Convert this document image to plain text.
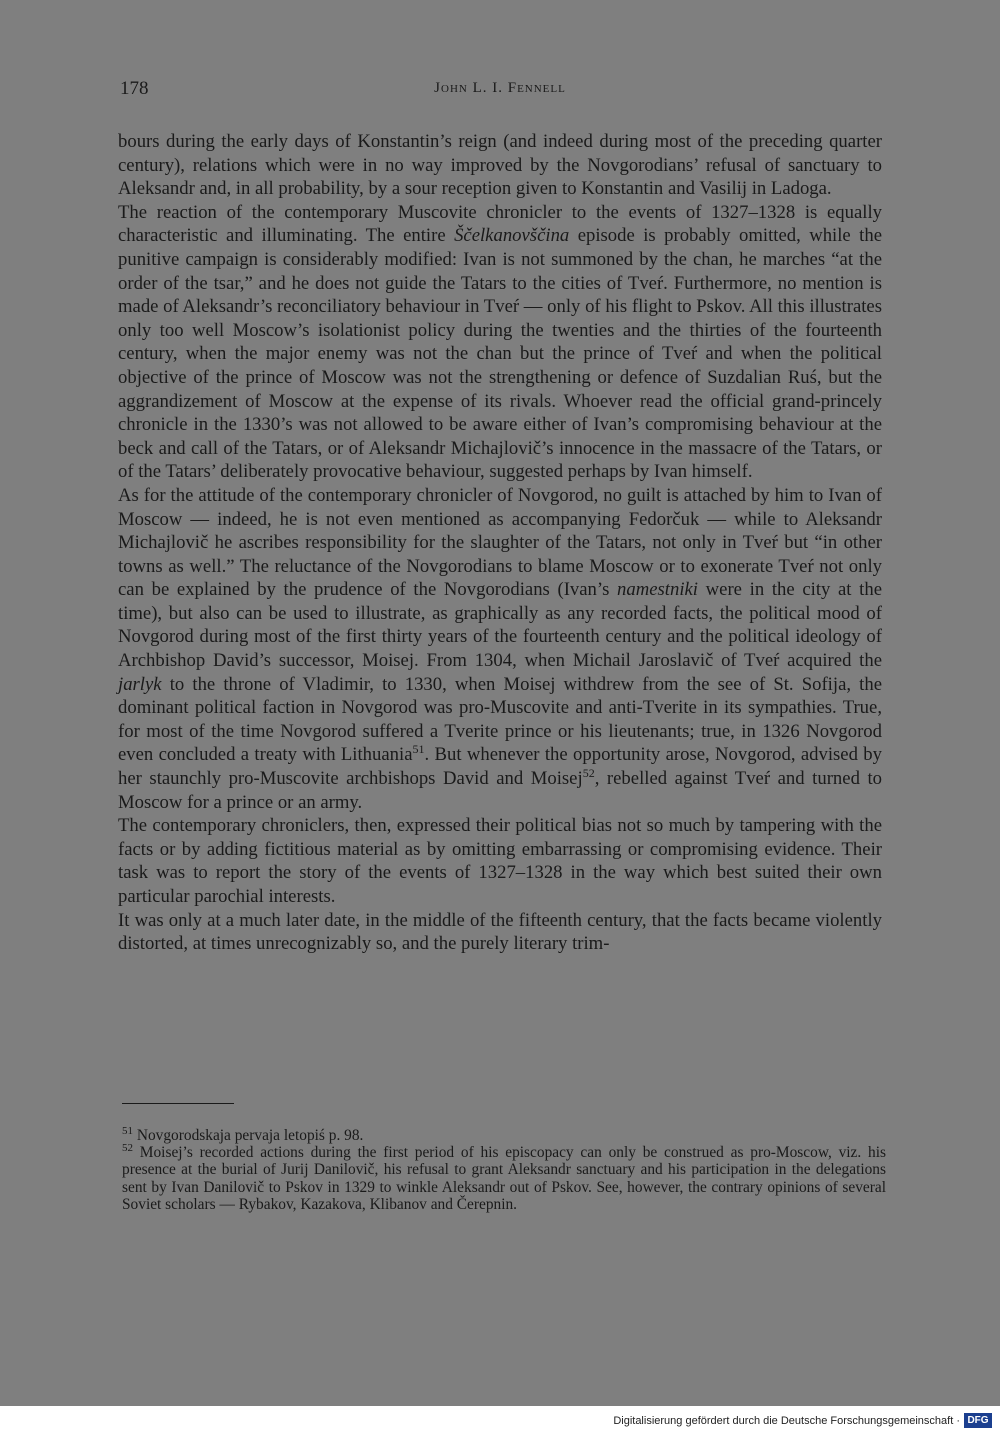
178	John L. I. Fennell

bours during the early days of Konstantin’s reign (and indeed during most of the preceding quarter century), relations which were in no way improved by the Novgorodians’ refusal of sanctuary to Aleksandr and, in all probability, by a sour reception given to Konstantin and Vasilij in Ladoga.

The reaction of the contemporary Muscovite chronicler to the events of 1327–1328 is equally characteristic and illuminating. The entire Ščelkanovščina episode is probably omitted, while the punitive campaign is considerably modified: Ivan is not summoned by the chan, he marches “at the order of the tsar,” and he does not guide the Tatars to the cities of Tveŕ. Furthermore, no mention is made of Aleksandr’s reconciliatory behaviour in Tveŕ — only of his flight to Pskov. All this illustrates only too well Moscow’s isolationist policy during the twenties and the thirties of the fourteenth century, when the major enemy was not the chan but the prince of Tveŕ and when the political objective of the prince of Moscow was not the strengthening or defence of Suzdalian Ruś, but the aggrandizement of Moscow at the expense of its rivals. Whoever read the official grand-princely chronicle in the 1330’s was not allowed to be aware either of Ivan’s compromising behaviour at the beck and call of the Tatars, or of Aleksandr Michajlovič’s innocence in the massacre of the Tatars, or of the Tatars’ deliberately provocative behaviour, suggested perhaps by Ivan himself.

As for the attitude of the contemporary chronicler of Novgorod, no guilt is attached by him to Ivan of Moscow — indeed, he is not even mentioned as accompanying Fedorčuk — while to Aleksandr Michajlovič he ascribes responsibility for the slaughter of the Tatars, not only in Tveŕ but “in other towns as well.” The reluctance of the Novgorodians to blame Moscow or to exonerate Tveŕ not only can be explained by the prudence of the Novgorodians (Ivan’s namestniki were in the city at the time), but also can be used to illustrate, as graphically as any recorded facts, the political mood of Novgorod during most of the first thirty years of the fourteenth century and the political ideology of Archbishop David’s successor, Moisej. From 1304, when Michail Jaroslavič of Tveŕ acquired the jarlyk to the throne of Vladimir, to 1330, when Moisej withdrew from the see of St. Sofija, the dominant political faction in Novgorod was pro-Muscovite and anti-Tverite in its sympathies. True, for most of the time Novgorod suffered a Tverite prince or his lieutenants; true, in 1326 Novgorod even concluded a treaty with Lithuania$^{51}$. But whenever the opportunity arose, Novgorod, advised by her staunchly pro-Muscovite archbishops David and Moisej$^{52}$, rebelled against Tveŕ and turned to Moscow for a prince or an army.

The contemporary chroniclers, then, expressed their political bias not so much by tampering with the facts or by adding fictitious material as by omitting embarrassing or compromising evidence. Their task was to report the story of the events of 1327–1328 in the way which best suited their own particular parochial interests.

It was only at a much later date, in the middle of the fifteenth century, that the facts became violently distorted, at times unrecognizably so, and the purely literary trim-

$^{51}$ Novgorodskaja pervaja letopiś p. 98.

$^{52}$ Moisej’s recorded actions during the first period of his episcopacy can only be construed as pro-Moscow, viz. his presence at the burial of Jurij Danilovič, his refusal to grant Aleksandr sanctuary and his participation in the delegations sent by Ivan Danilovič to Pskov in 1329 to winkle Aleksandr out of Pskov. See, however, the contrary opinions of several Soviet scholars — Rybakov, Kazakova, Klibanov and Čerepnin.

Digitalisierung gefördert durch die Deutsche Forschungsgemeinschaft · DFG
